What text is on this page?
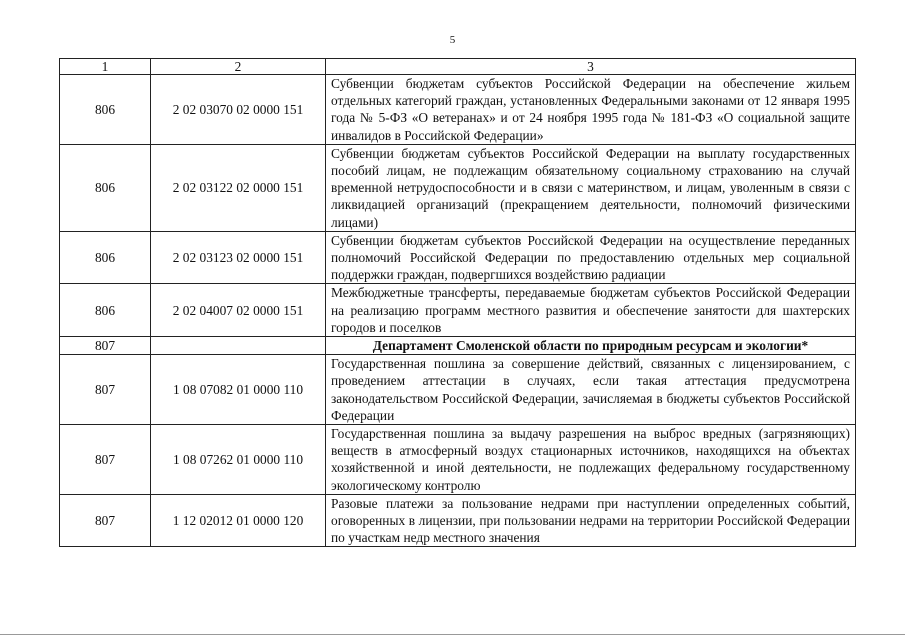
5
1	2	3
806	2 02 03070 02 0000 151	Субвенции бюджетам субъектов Российской Федерации на обеспечение жильем отдельных категорий граждан, установленных Федеральными законами от 12 января 1995 года № 5-ФЗ «О ветеранах» и от 24 ноября 1995 года № 181-ФЗ «О социальной защите инвалидов в Российской Федерации»
806	2 02 03122 02 0000 151	Субвенции бюджетам субъектов Российской Федерации на выплату государственных пособий лицам, не подлежащим обязательному социальному страхованию на случай временной нетрудоспособности и в связи с материнством, и лицам, уволенным в связи с ликвидацией организаций (прекращением деятельности, полномочий физическими лицами)
806	2 02 03123 02 0000 151	Субвенции бюджетам субъектов Российской Федерации на осуществление переданных полномочий Российской Федерации по предоставлению отдельных мер социальной поддержки граждан, подвергшихся воздействию радиации
806	2 02 04007 02 0000 151	Межбюджетные трансферты, передаваемые бюджетам субъектов Российской Федерации на реализацию программ местного развития и обеспечение занятости для шахтерских городов и поселков
807		Департамент Смоленской области по природным ресурсам и экологии*
807	1 08 07082 01 0000 110	Государственная пошлина за совершение действий, связанных с лицензированием, с проведением аттестации в случаях, если такая аттестация предусмотрена законодательством Российской Федерации, зачисляемая в бюджеты субъектов Российской Федерации
807	1 08 07262 01 0000 110	Государственная пошлина за выдачу разрешения на выброс вредных (загрязняющих) веществ в атмосферный воздух стационарных источников, находящихся на объектах хозяйственной и иной деятельности, не подлежащих федеральному государственному экологическому контролю
807	1 12 02012 01 0000 120	Разовые платежи за пользование недрами при наступлении определенных событий, оговоренных в лицензии, при пользовании недрами на территории Российской Федерации по участкам недр местного значения
